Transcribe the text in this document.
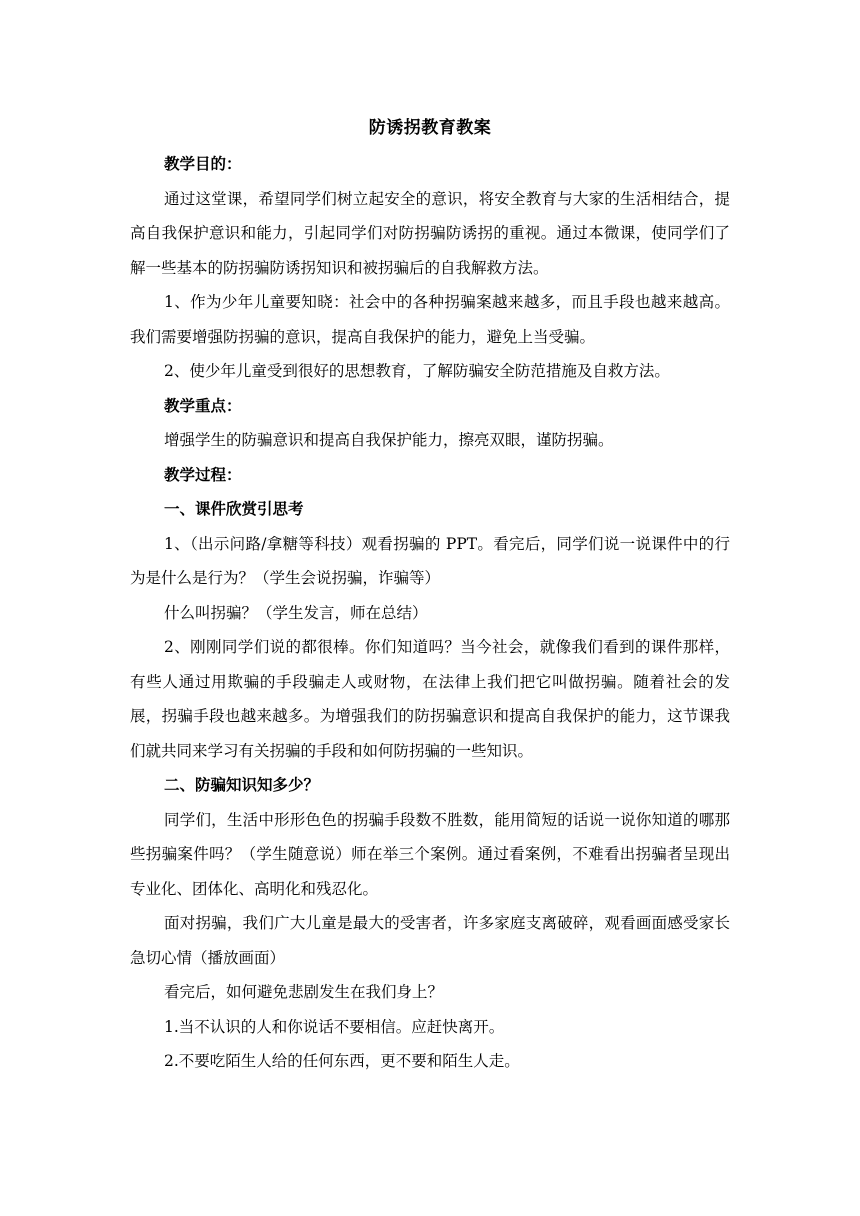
防诱拐教育教案

教学目的：

通过这堂课，希望同学们树立起安全的意识，将安全教育与大家的生活相结合，提高自我保护意识和能力，引起同学们对防拐骗防诱拐的重视。通过本微课，使同学们了解一些基本的防拐骗防诱拐知识和被拐骗后的自我解救方法。

1、作为少年儿童要知晓：社会中的各种拐骗案越来越多，而且手段也越来越高。我们需要增强防拐骗的意识，提高自我保护的能力，避免上当受骗。

2、使少年儿童受到很好的思想教育，了解防骗安全防范措施及自救方法。

教学重点：

增强学生的防骗意识和提高自我保护能力，擦亮双眼，谨防拐骗。

教学过程：

一、课件欣赏引思考

1、（出示问路/拿糖等科技）观看拐骗的 PPT。看完后，同学们说一说课件中的行为是什么是行为？（学生会说拐骗，诈骗等）

什么叫拐骗？（学生发言，师在总结）

2、刚刚同学们说的都很棒。你们知道吗？当今社会，就像我们看到的课件那样，有些人通过用欺骗的手段骗走人或财物，在法律上我们把它叫做拐骗。随着社会的发展，拐骗手段也越来越多。为增强我们的防拐骗意识和提高自我保护的能力，这节课我们就共同来学习有关拐骗的手段和如何防拐骗的一些知识。

二、防骗知识知多少？

同学们，生活中形形色色的拐骗手段数不胜数，能用简短的话说一说你知道的哪那些拐骗案件吗？（学生随意说）师在举三个案例。通过看案例，不难看出拐骗者呈现出专业化、团体化、高明化和残忍化。

面对拐骗，我们广大儿童是最大的受害者，许多家庭支离破碎，观看画面感受家长急切心情（播放画面）

看完后，如何避免悲剧发生在我们身上？

1.当不认识的人和你说话不要相信。应赶快离开。

2.不要吃陌生人给的任何东西，更不要和陌生人走。
